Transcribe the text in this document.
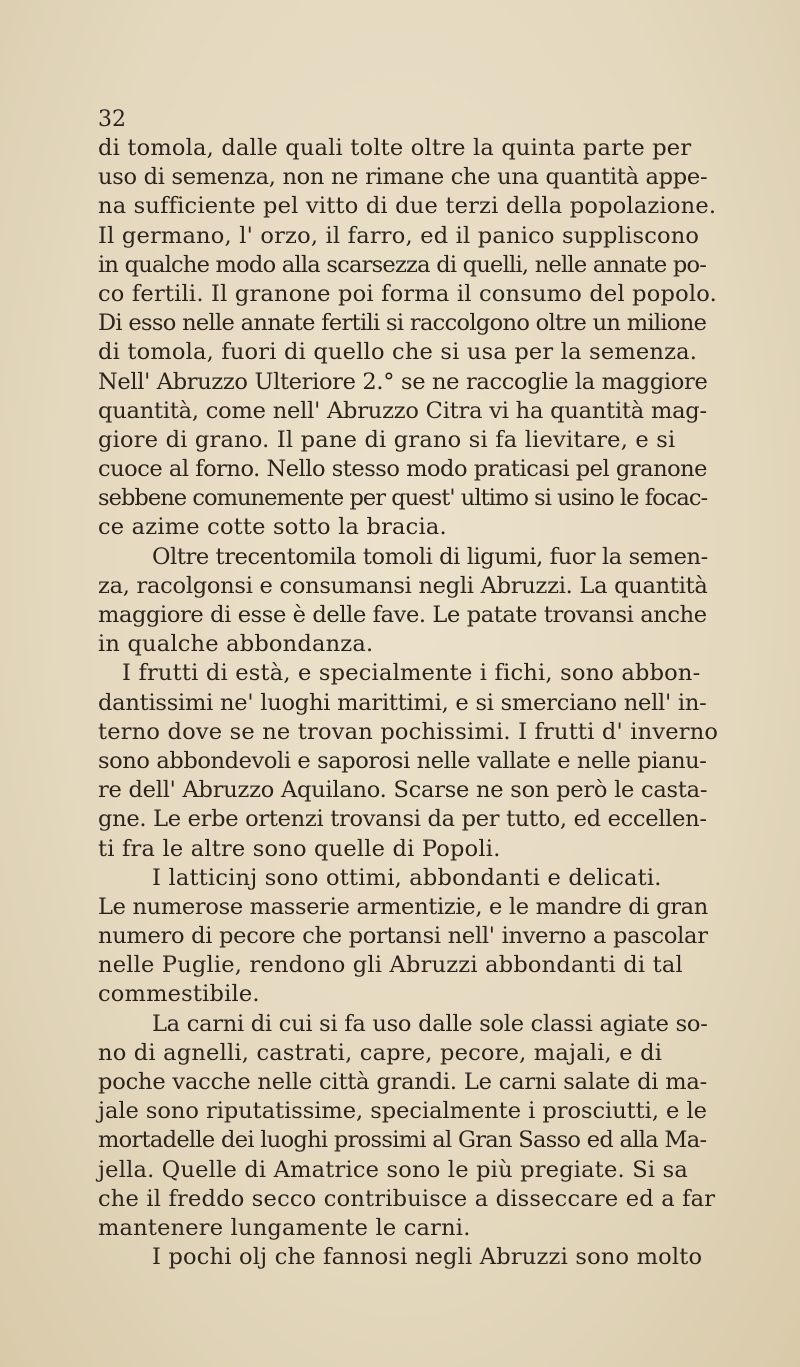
32
di tomola, dalle quali tolte oltre la quinta parte per
uso di semenza, non ne rimane che una quantità appe-
na sufficiente pel vitto di due terzi della popolazione.
Il germano, l' orzo, il farro, ed il panico suppliscono
in qualche modo alla scarsezza di quelli, nelle annate po-
co fertili. Il granone poi forma il consumo del popolo.
Di esso nelle annate fertili si raccolgono oltre un milione
di tomola, fuori di quello che si usa per la semenza.
Nell' Abruzzo Ulteriore 2.° se ne raccoglie la maggiore
quantità, come nell' Abruzzo Citra vi ha quantità mag-
giore di grano. Il pane di grano si fa lievitare, e si
cuoce al forno. Nello stesso modo praticasi pel granone
sebbene comunemente per quest' ultimo si usino le focac-
ce azime cotte sotto la bracia.
Oltre trecentomila tomoli di ligumi, fuor la semen-
za, racolgonsi e consumansi negli Abruzzi. La quantità
maggiore di esse è delle fave. Le patate trovansi anche
in qualche abbondanza.
I frutti di està, e specialmente i fichi, sono abbon-
dantissimi ne' luoghi marittimi, e si smerciano nell' in-
terno dove se ne trovan pochissimi. I frutti d' inverno
sono abbondevoli e saporosi nelle vallate e nelle pianu-
re dell' Abruzzo Aquilano. Scarse ne son però le casta-
gne. Le erbe ortenzi trovansi da per tutto, ed eccellen-
ti fra le altre sono quelle di Popoli.
I latticinj sono ottimi, abbondanti e delicati.
Le numerose masserie armentizie, e le mandre di gran
numero di pecore che portansi nell' inverno a pascolar
nelle Puglie, rendono gli Abruzzi abbondanti di tal
commestibile.
La carni di cui si fa uso dalle sole classi agiate so-
no di agnelli, castrati, capre, pecore, majali, e di
poche vacche nelle città grandi. Le carni salate di ma-
jale sono riputatissime, specialmente i prosciutti, e le
mortadelle dei luoghi prossimi al Gran Sasso ed alla Ma-
jella. Quelle di Amatrice sono le più pregiate. Si sa
che il freddo secco contribuisce a disseccare ed a far
mantenere lungamente le carni.
I pochi olj che fannosi negli Abruzzi sono molto
